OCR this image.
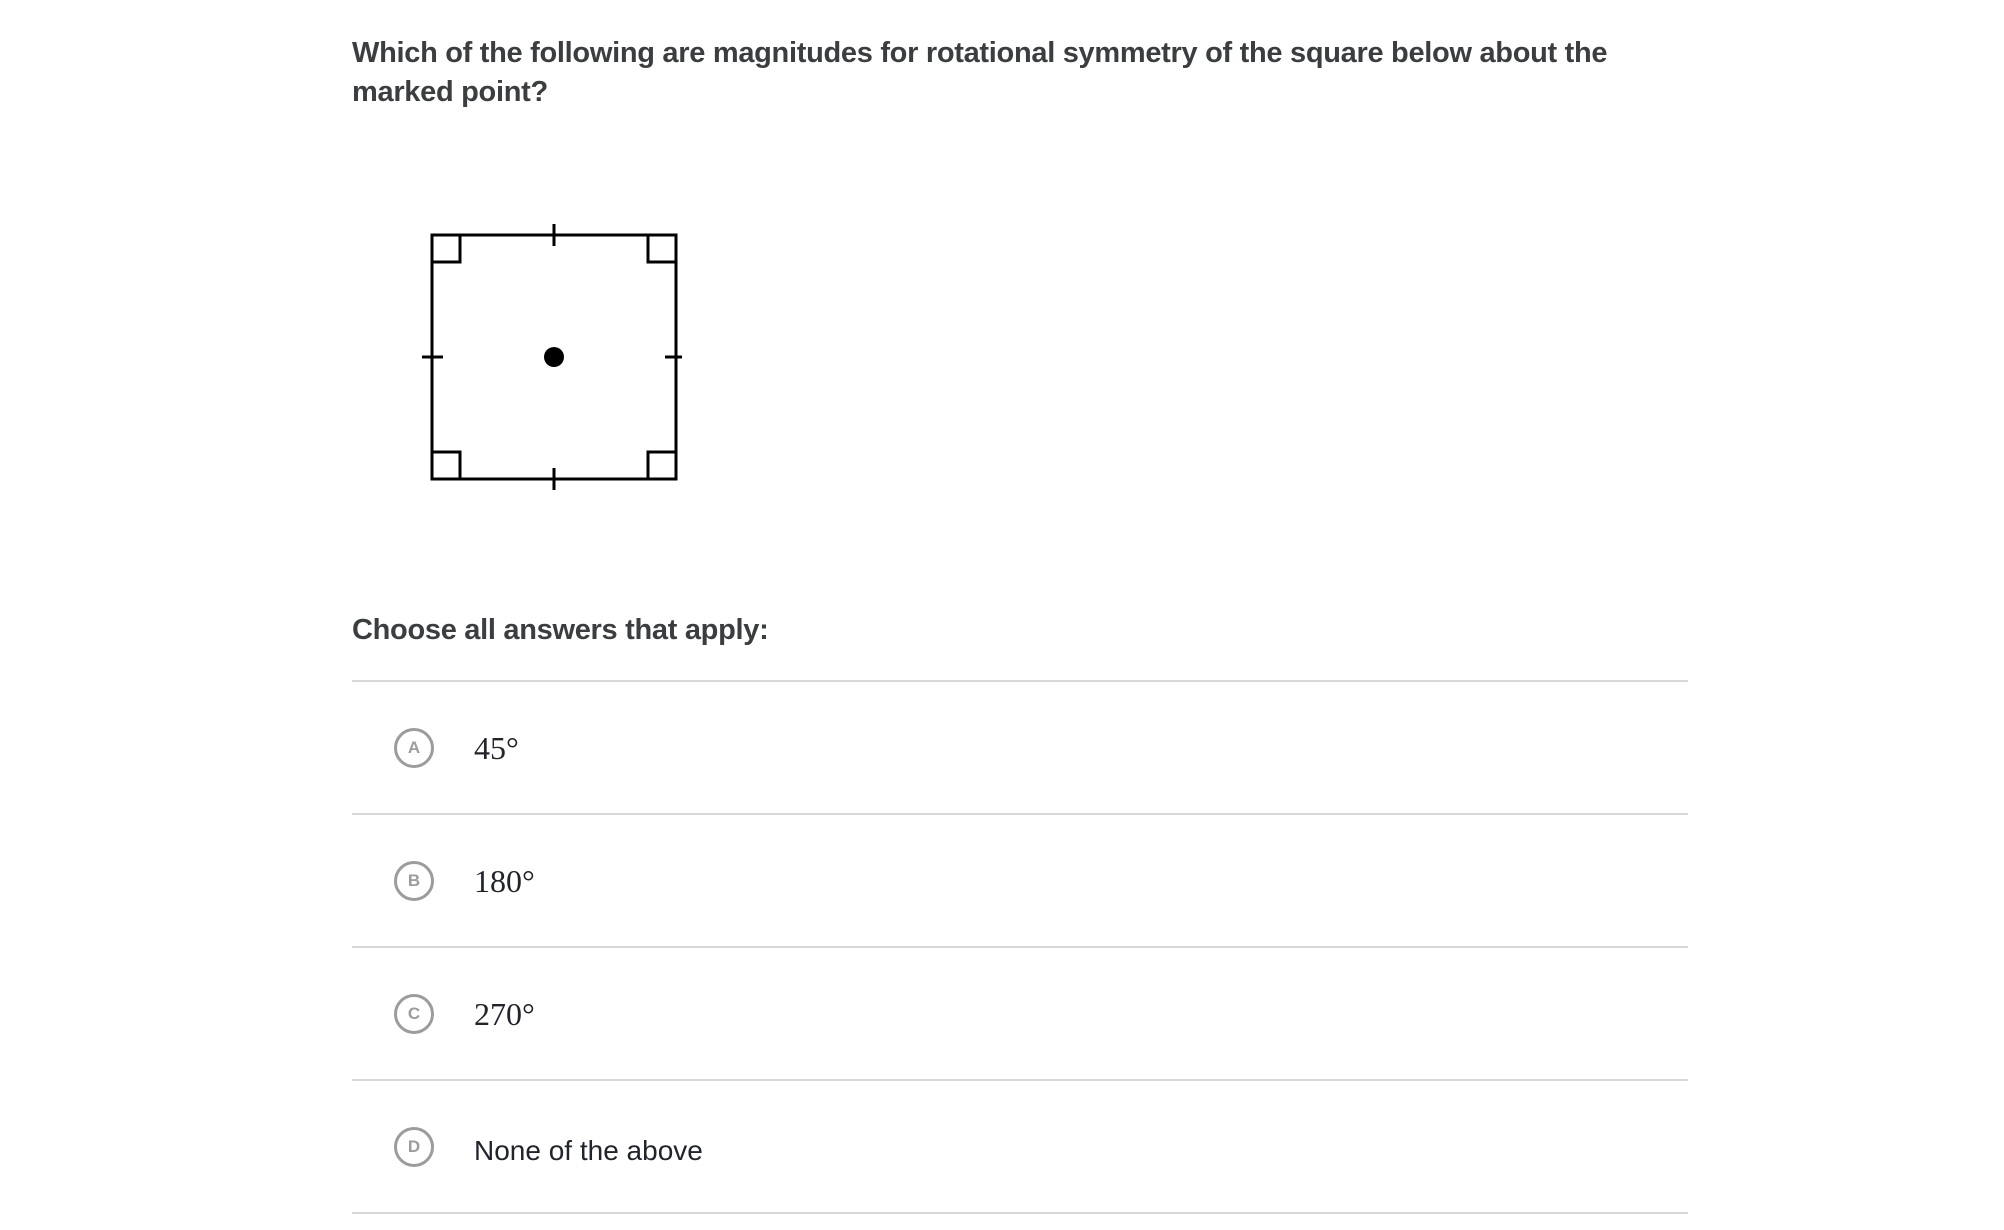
Which of the following are magnitudes for rotational symmetry of the square below about the marked point?

Choose all answers that apply:

A	45°
B	180°
C	270°
D	None of the above
